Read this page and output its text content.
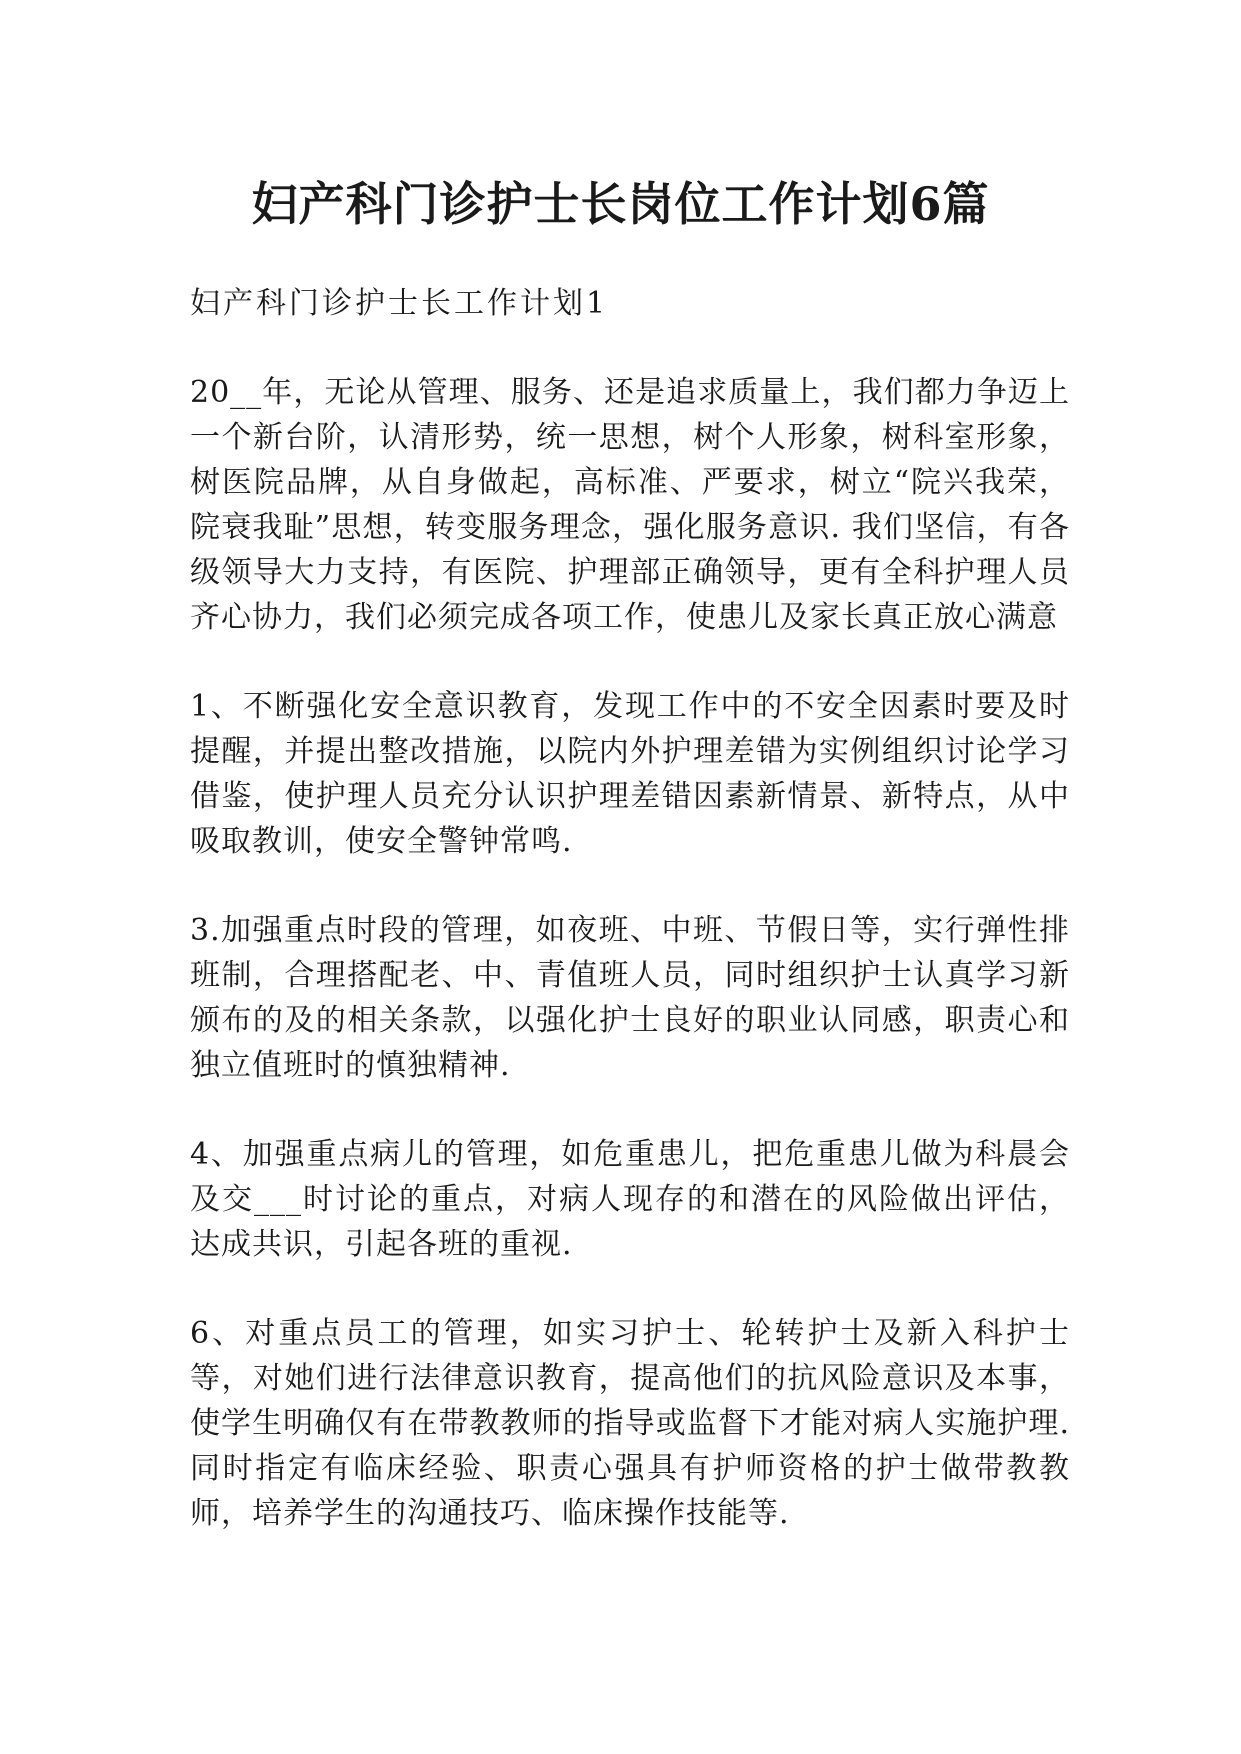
妇产科门诊护士长岗位工作计划6篇

妇产科门诊护士长工作计划1

20__年，无论从管理、服务、还是追求质量上，我们都力争迈上一个新台阶，认清形势，统一思想，树个人形象，树科室形象，树医院品牌，从自身做起，高标准、严要求，树立“院兴我荣，院衰我耻”思想，转变服务理念，强化服务意识. 我们坚信，有各级领导大力支持，有医院、护理部正确领导，更有全科护理人员齐心协力，我们必须完成各项工作，使患儿及家长真正放心满意

1、不断强化安全意识教育，发现工作中的不安全因素时要及时提醒，并提出整改措施，以院内外护理差错为实例组织讨论学习借鉴，使护理人员充分认识护理差错因素新情景、新特点，从中吸取教训，使安全警钟常鸣.

3.加强重点时段的管理，如夜班、中班、节假日等，实行弹性排班制，合理搭配老、中、青值班人员，同时组织护士认真学习新颁布的及的相关条款，以强化护士良好的职业认同感，职责心和独立值班时的慎独精神.

4、加强重点病儿的管理，如危重患儿，把危重患儿做为科晨会及交___时讨论的重点，对病人现存的和潜在的风险做出评估，达成共识，引起各班的重视.

6、对重点员工的管理，如实习护士、轮转护士及新入科护士等，对她们进行法律意识教育，提高他们的抗风险意识及本事，使学生明确仅有在带教教师的指导或监督下才能对病人实施护理. 同时指定有临床经验、职责心强具有护师资格的护士做带教教师，培养学生的沟通技巧、临床操作技能等.
